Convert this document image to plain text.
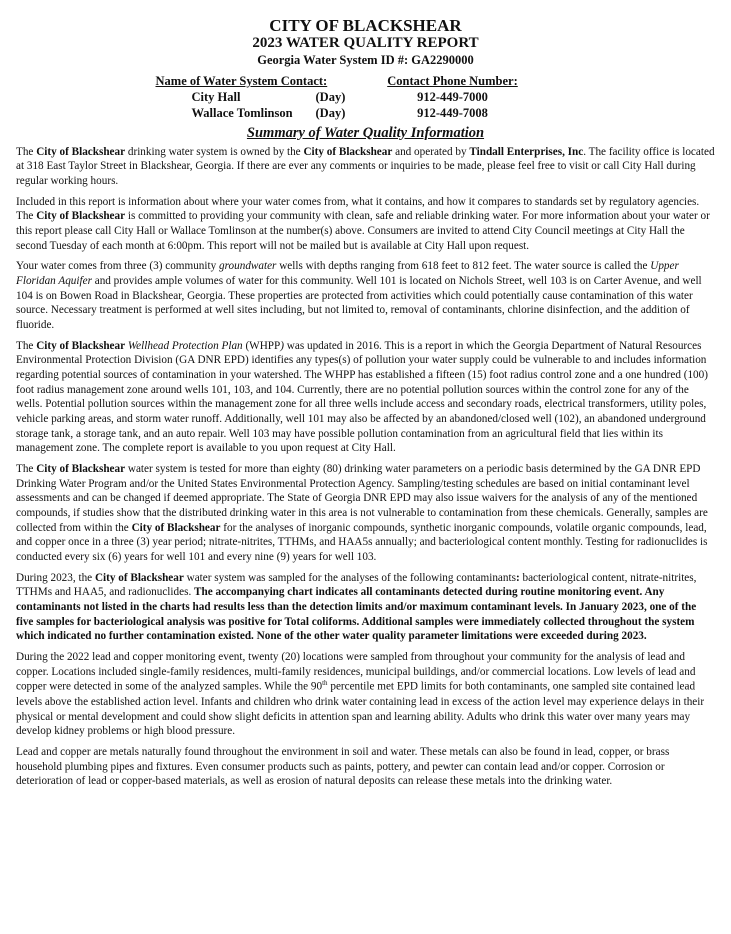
CITY OF BLACKSHEAR
2023 WATER QUALITY REPORT
Georgia Water System ID #: GA2290000
Name of Water System Contact:	Contact Phone Number:
City Hall	(Day)	912-449-7000
Wallace Tomlinson	(Day)	912-449-7008
Summary of Water Quality Information

The City of Blackshear drinking water system is owned by the City of Blackshear and operated by Tindall Enterprises, Inc. The facility office is located at 318 East Taylor Street in Blackshear, Georgia. If there are ever any comments or inquiries to be made, please feel free to visit or call City Hall during regular working hours.

Included in this report is information about where your water comes from, what it contains, and how it compares to standards set by regulatory agencies. The City of Blackshear is committed to providing your community with clean, safe and reliable drinking water. For more information about your water or this report please call City Hall or Wallace Tomlinson at the number(s) above. Consumers are invited to attend City Council meetings at City Hall the second Tuesday of each month at 6:00pm. This report will not be mailed but is available at City Hall upon request.

Your water comes from three (3) community groundwater wells with depths ranging from 618 feet to 812 feet. The water source is called the Upper Floridan Aquifer and provides ample volumes of water for this community. Well 101 is located on Nichols Street, well 103 is on Carter Avenue, and well 104 is on Bowen Road in Blackshear, Georgia. These properties are protected from activities which could potentially cause contamination of this water source. Necessary treatment is performed at well sites including, but not limited to, removal of contaminants, chlorine disinfection, and the addition of fluoride.

The City of Blackshear Wellhead Protection Plan (WHPP) was updated in 2016. This is a report in which the Georgia Department of Natural Resources Environmental Protection Division (GA DNR EPD) identifies any types(s) of pollution your water supply could be vulnerable to and includes information regarding potential sources of contamination in your watershed. The WHPP has established a fifteen (15) foot radius control zone and a one hundred (100) foot radius management zone around wells 101, 103, and 104. Currently, there are no potential pollution sources within the control zone for any of the wells. Potential pollution sources within the management zone for all three wells include access and secondary roads, electrical transformers, utility poles, vehicle parking areas, and storm water runoff. Additionally, well 101 may also be affected by an abandoned/closed well (102), an abandoned underground storage tank, a storage tank, and an auto repair. Well 103 may have possible pollution contamination from an agricultural field that lies within its management zone. The complete report is available to you upon request at City Hall.

The City of Blackshear water system is tested for more than eighty (80) drinking water parameters on a periodic basis determined by the GA DNR EPD Drinking Water Program and/or the United States Environmental Protection Agency. Sampling/testing schedules are based on initial contaminant level assessments and can be changed if deemed appropriate. The State of Georgia DNR EPD may also issue waivers for the analysis of any of the mentioned compounds, if studies show that the distributed drinking water in this area is not vulnerable to contamination from these chemicals. Generally, samples are collected from within the City of Blackshear for the analyses of inorganic compounds, synthetic inorganic compounds, volatile organic compounds, lead, and copper once in a three (3) year period; nitrate-nitrites, TTHMs, and HAA5s annually; and bacteriological content monthly. Testing for radionuclides is conducted every six (6) years for well 101 and every nine (9) years for well 103.

During 2023, the City of Blackshear water system was sampled for the analyses of the following contaminants: bacteriological content, nitrate-nitrites, TTHMs and HAA5, and radionuclides. The accompanying chart indicates all contaminants detected during routine monitoring event. Any contaminants not listed in the charts had results less than the detection limits and/or maximum contaminant levels. In January 2023, one of the five samples for bacteriological analysis was positive for Total coliforms. Additional samples were immediately collected throughout the system which indicated no further contamination existed. None of the other water quality parameter limitations were exceeded during 2023.

During the 2022 lead and copper monitoring event, twenty (20) locations were sampled from throughout your community for the analysis of lead and copper. Locations included single-family residences, multi-family residences, municipal buildings, and/or commercial locations. Low levels of lead and copper were detected in some of the analyzed samples. While the 90th percentile met EPD limits for both contaminants, one sampled site contained lead levels above the established action level. Infants and children who drink water containing lead in excess of the action level may experience delays in their physical or mental development and could show slight deficits in attention span and learning ability. Adults who drink this water over many years may develop kidney problems or high blood pressure.

Lead and copper are metals naturally found throughout the environment in soil and water. These metals can also be found in lead, copper, or brass household plumbing pipes and fixtures. Even consumer products such as paints, pottery, and pewter can contain lead and/or copper. Corrosion or deterioration of lead or copper-based materials, as well as erosion of natural deposits can release these metals into the drinking water.
